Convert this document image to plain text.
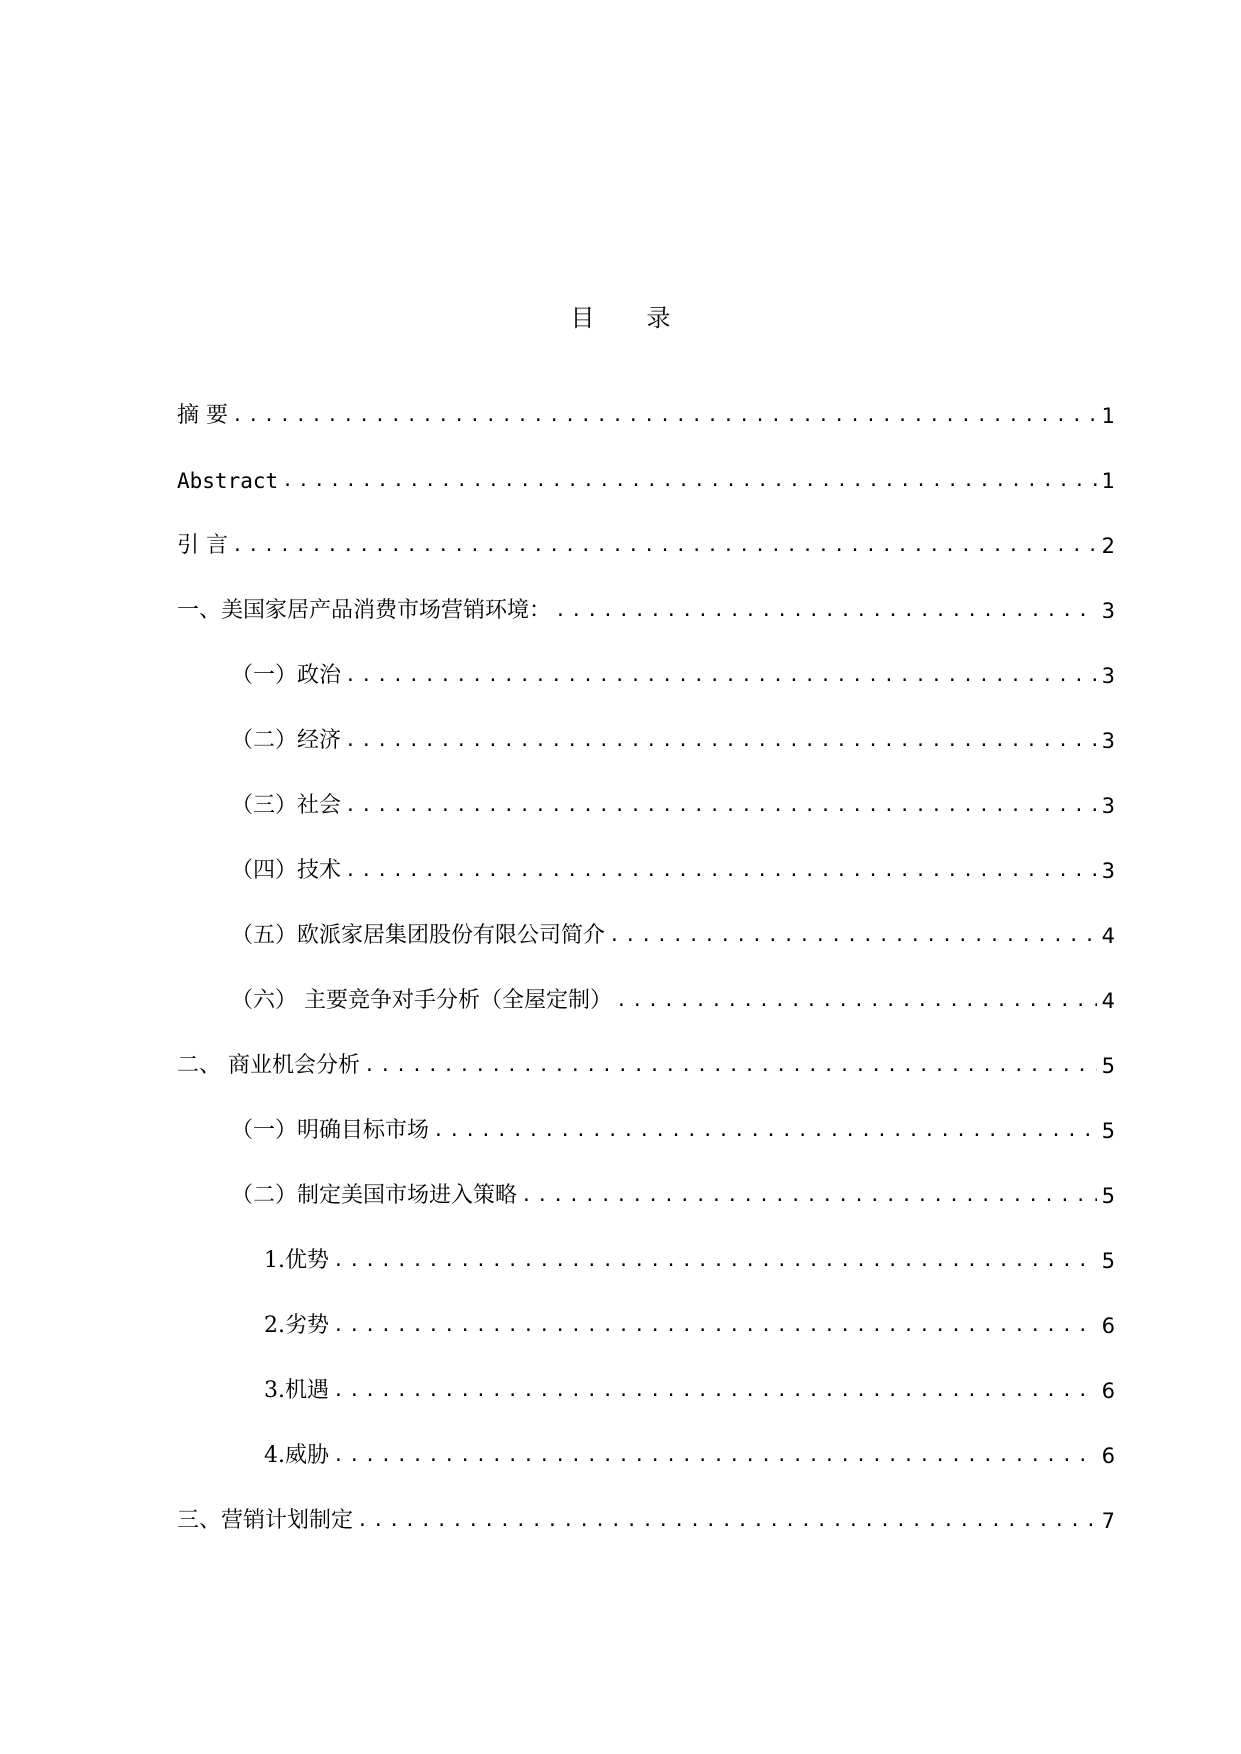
目 录
摘 要 .....	1
Abstract .....	1
引 言 .....	2
一、美国家居产品消费市场营销环境： .....	3
（一）政治 .....	3
（二）经济 .....	3
（三）社会 .....	3
（四）技术 .....	3
（五）欧派家居集团股份有限公司简介 .....	4
（六） 主要竞争对手分析（全屋定制） .....	4
二、 商业机会分析 .....	5
（一）明确目标市场 .....	5
（二）制定美国市场进入策略 .....	5
1.优势 .....	5
2.劣势 .....	6
3.机遇 .....	6
4.威胁 .....	6
三、营销计划制定 .....	7
